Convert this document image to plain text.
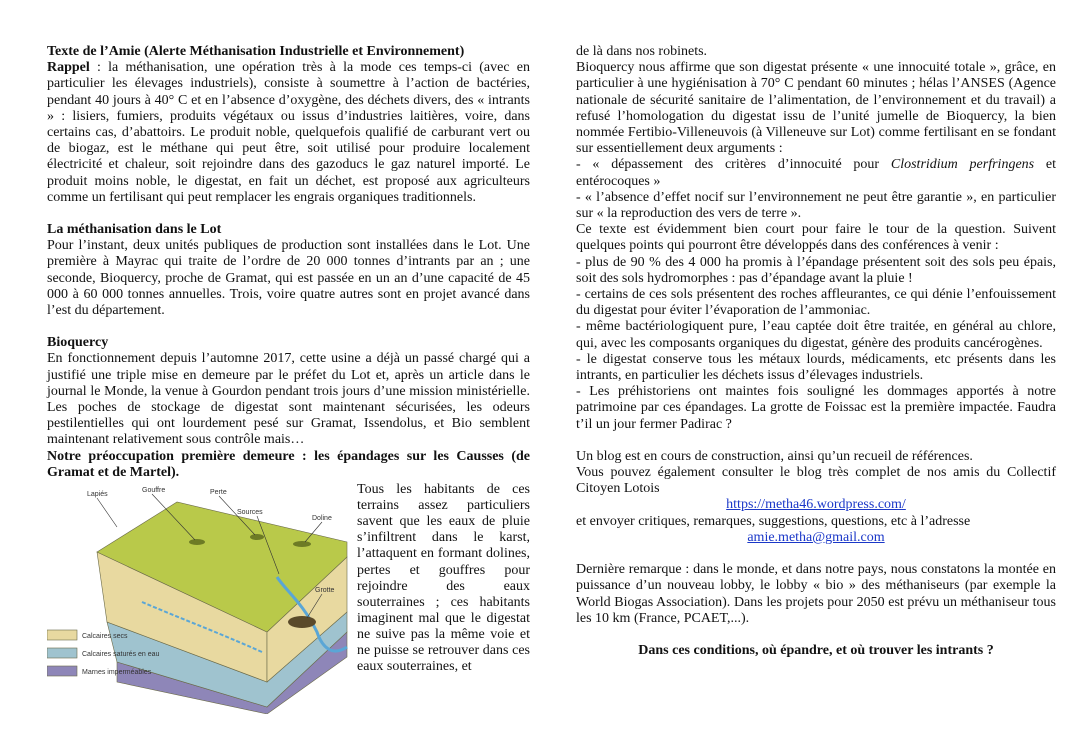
Texte de l’Amie (Alerte Méthanisation Industrielle et Environnement)

Rappel : la méthanisation, une opération très à la mode ces temps-ci (avec en particulier les élevages industriels), consiste à soumettre à l’action de bactéries, pendant 40 jours à 40° C et en l’absence d’oxygène, des déchets divers, des « intrants » : lisiers, fumiers, produits végétaux ou issus d’industries laitières, voire, dans certains cas, d’abattoirs. Le produit noble, quelquefois qualifié de carburant vert ou de biogaz, est le méthane qui peut être, soit utilisé pour produire localement électricité et chaleur, soit rejoindre dans des gazoducs le gaz naturel importé. Le produit moins noble, le digestat, en fait un déchet, est proposé aux agriculteurs comme un fertilisant qui peut remplacer les engrais organiques traditionnels.

La méthanisation dans le Lot

Pour l’instant, deux unités publiques de production sont installées dans le Lot. Une première à Mayrac qui traite de l’ordre de 20 000 tonnes d’intrants par an ; une seconde, Bioquercy, proche de Gramat, qui est passée en un an d’une capacité de 45 000 à 60 000 tonnes annuelles. Trois, voire quatre autres sont en projet avancé dans l’est du département.

Bioquercy

En fonctionnement depuis l’automne 2017, cette usine a déjà un passé chargé qui a justifié une triple mise en demeure par le préfet du Lot et, après un article dans le journal le Monde, la venue à Gourdon pendant trois jours d’une mission ministérielle. Les poches de stockage de digestat sont maintenant sécurisées, les odeurs pestilentielles qui ont lourdement pesé sur Gramat, Issendolus, et Bio semblent maintenant relativement sous contrôle mais…

Notre préoccupation première demeure : les épandages sur les Causses (de Gramat et de Martel).

Lapiés
Gouffre	Perte
Sources
Doline
Grotte
Calcaires secs
Calcaires saturés en eau
Marnes imperméables

Tous les habitants de ces terrains assez particuliers savent que les eaux de pluie s’infiltrent dans le karst, l’attaquent en formant dolines, pertes et gouffres pour rejoindre des eaux souterraines ; ces habitants imaginent mal que le digestat ne suive pas la même voie et ne puisse se retrouver dans ces eaux souterraines, et

de là dans nos robinets.

Bioquercy nous affirme que son digestat présente « une innocuité totale », grâce, en particulier à une hygiénisation à 70° C pendant 60 minutes ; hélas l’ANSES (Agence nationale de sécurité sanitaire de l’alimentation, de l’environnement et du travail) a refusé l’homologation du digestat issu de l’unité jumelle de Bioquercy, la bien nommée Fertibio-Villeneuvois (à Villeneuve sur Lot) comme fertilisant en se fondant sur essentiellement deux arguments :

- « dépassement des critères d’innocuité pour Clostridium perfringens et entérocoques »

- « l’absence d’effet nocif sur l’environnement ne peut être garantie », en particulier sur « la reproduction des vers de terre ».

Ce texte est évidemment bien court pour faire le tour de la question. Suivent quelques points qui pourront être développés dans des conférences à venir :

- plus de 90 % des 4 000 ha promis à l’épandage présentent soit des sols peu épais, soit des sols hydromorphes : pas d’épandage avant la pluie !

- certains de ces sols présentent des roches affleurantes, ce qui dénie l’enfouissement du digestat pour éviter l’évaporation de l’ammoniac.

- même bactériologiquent pure, l’eau captée doit être traitée, en général au chlore, qui, avec les composants organiques du digestat, génère des produits cancérogènes.

- le digestat conserve tous les métaux lourds, médicaments, etc présents dans les intrants, en particulier les déchets issus d’élevages industriels.

- Les préhistoriens ont maintes fois souligné les dommages apportés à notre patrimoine par ces épandages. La grotte de Foissac est la première impactée. Faudra t’il un jour fermer Padirac ?

Un blog est en cours de construction, ainsi qu’un recueil de références.

Vous pouvez également consulter le blog très complet de nos amis du Collectif Citoyen Lotois

https://metha46.wordpress.com/

et envoyer critiques, remarques, suggestions, questions, etc à l’adresse

amie.metha@gmail.com

Dernière remarque : dans le monde, et dans notre pays, nous constatons la montée en puissance d’un nouveau lobby, le lobby « bio » des méthaniseurs (par exemple la World Biogas Association). Dans les projets pour 2050 est prévu un méthaniseur tous les 10 km (France, PCAET,...).

Dans ces conditions, où épandre, et où trouver les intrants ?
